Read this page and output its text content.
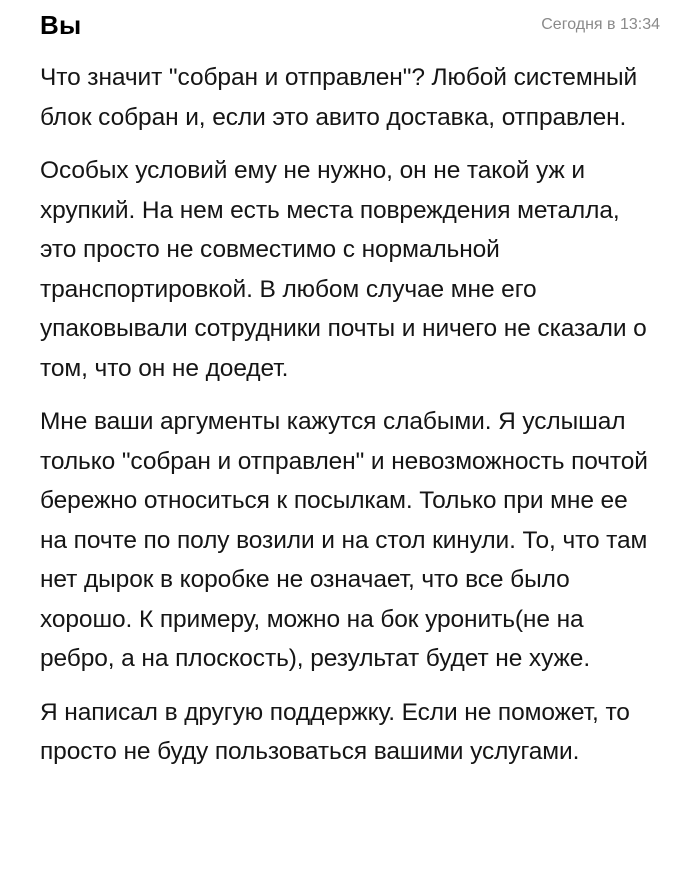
Вы	Сегодня в 13:34

Что значит "собран и отправлен"? Любой системный блок собран и, если это авито доставка, отправлен.

Особых условий ему не нужно, он не такой уж и хрупкий. На нем есть места повреждения металла, это просто не совместимо с нормальной транспортировкой. В любом случае мне его упаковывали сотрудники почты и ничего не сказали о том, что он не доедет.

Мне ваши аргументы кажутся слабыми. Я услышал только "собран и отправлен" и невозможность почтой бережно относиться к посылкам. Только при мне ее на почте по полу возили и на стол кинули. То, что там нет дырок в коробке не означает, что все было хорошо. К примеру, можно на бок уронить(не на ребро, а на плоскость), результат будет не хуже.

Я написал в другую поддержку. Если не поможет, то просто не буду пользоваться вашими услугами.
